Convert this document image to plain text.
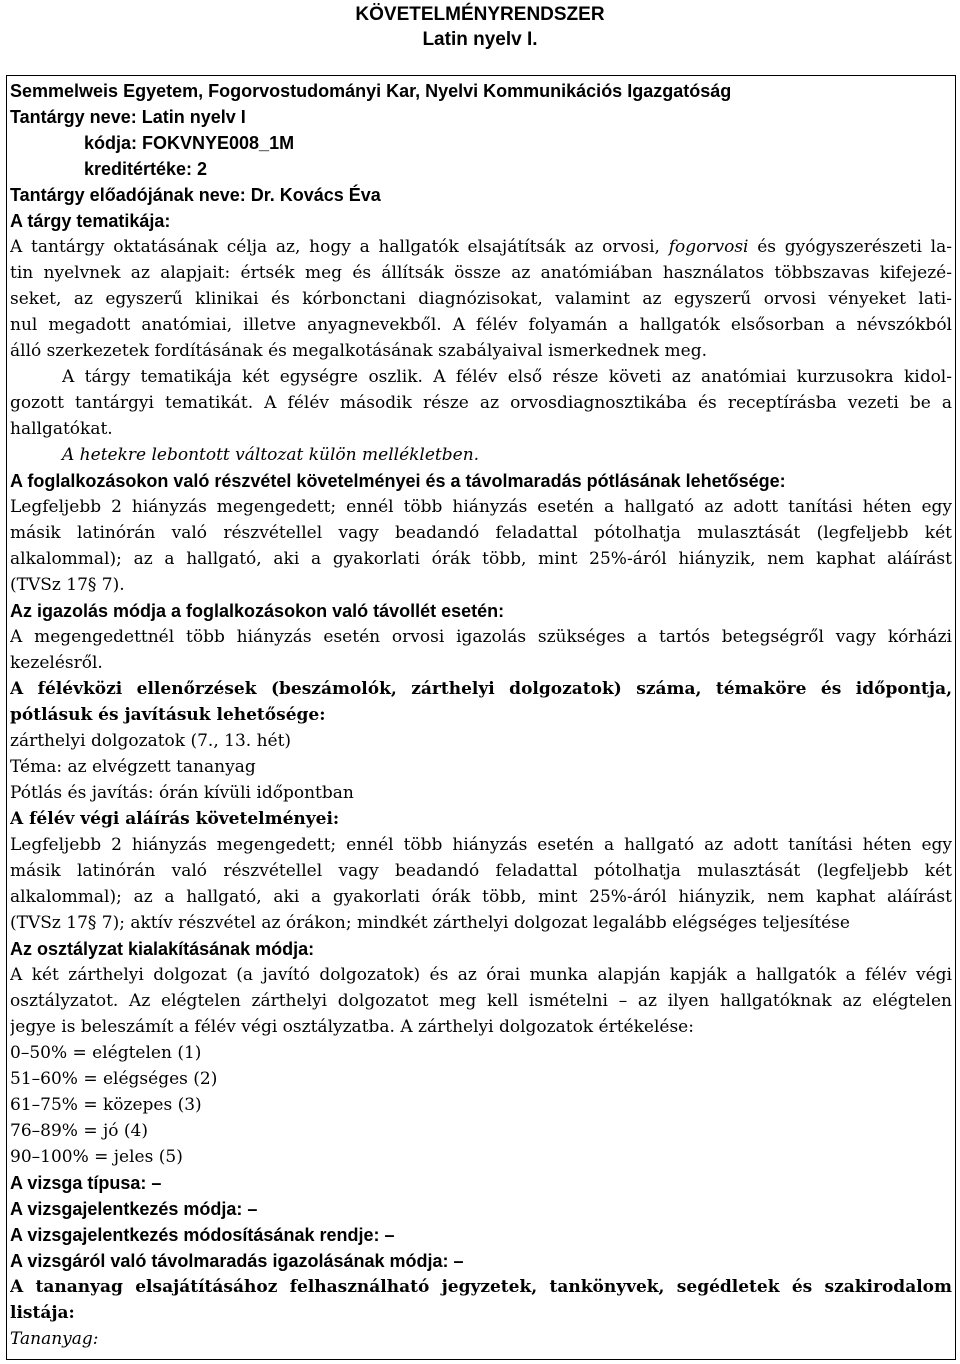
KÖVETELMÉNYRENDSZER
Latin nyelv I.
Semmelweis Egyetem, Fogorvostudományi Kar, Nyelvi Kommunikációs Igazgatóság
Tantárgy neve: Latin nyelv I
kódja: FOKVNYE008_1M
kreditértéke: 2
Tantárgy előadójának neve: Dr. Kovács Éva
A tárgy tematikája:
A tantárgy oktatásának célja az, hogy a hallgatók elsajátítsák az orvosi, fogorvosi és gyógyszerészeti la-
tin nyelvnek az alapjait: értsék meg és állítsák össze az anatómiában használatos többszavas kifejezé-
seket, az egyszerű klinikai és kórbonctani diagnózisokat, valamint az egyszerű orvosi vényeket lati-
nul megadott anatómiai, illetve anyagnevekből. A félév folyamán a hallgatók elsősorban a névszókból
álló szerkezetek fordításának és megalkotásának szabályaival ismerkednek meg.
A tárgy tematikája két egységre oszlik. A félév első része követi az anatómiai kurzusokra kidol-
gozott tantárgyi tematikát. A félév második része az orvosdiagnosztikába és receptírásba vezeti be a
hallgatókat.
A hetekre lebontott változat külön mellékletben.
A foglalkozásokon való részvétel követelményei és a távolmaradás pótlásának lehetősége:
Legfeljebb 2 hiányzás megengedett; ennél több hiányzás esetén a hallgató az adott tanítási héten egy
másik latinórán való részvétellel vagy beadandó feladattal pótolhatja mulasztását (legfeljebb két
alkalommal); az a hallgató, aki a gyakorlati órák több, mint 25%-áról hiányzik, nem kaphat aláírást
(TVSz 17§ 7).
Az igazolás módja a foglalkozásokon való távollét esetén:
A megengedettnél több hiányzás esetén orvosi igazolás szükséges a tartós betegségről vagy kórházi
kezelésről.
A félévközi ellenőrzések (beszámolók, zárthelyi dolgozatok) száma, témaköre és időpontja,
pótlásuk és javításuk lehetősége:
zárthelyi dolgozatok (7., 13. hét)
Téma: az elvégzett tananyag
Pótlás és javítás: órán kívüli időpontban
A félév végi aláírás követelményei:
Legfeljebb 2 hiányzás megengedett; ennél több hiányzás esetén a hallgató az adott tanítási héten egy
másik latinórán való részvétellel vagy beadandó feladattal pótolhatja mulasztását (legfeljebb két
alkalommal); az a hallgató, aki a gyakorlati órák több, mint 25%-áról hiányzik, nem kaphat aláírást
(TVSz 17§ 7); aktív részvétel az órákon; mindkét zárthelyi dolgozat legalább elégséges teljesítése
Az osztályzat kialakításának módja:
A két zárthelyi dolgozat (a javító dolgozatok) és az órai munka alapján kapják a hallgatók a félév végi
osztályzatot. Az elégtelen zárthelyi dolgozatot meg kell ismételni – az ilyen hallgatóknak az elégtelen
jegye is beleszámít a félév végi osztályzatba. A zárthelyi dolgozatok értékelése:
0–50% = elégtelen (1)
51–60% = elégséges (2)
61–75% = közepes (3)
76–89% = jó (4)
90–100% = jeles (5)
A vizsga típusa: –
A vizsgajelentkezés módja: –
A vizsgajelentkezés módosításának rendje: –
A vizsgáról való távolmaradás igazolásának módja: –
A tananyag elsajátításához felhasználható jegyzetek, tankönyvek, segédletek és szakirodalom
listája:
Tananyag:
